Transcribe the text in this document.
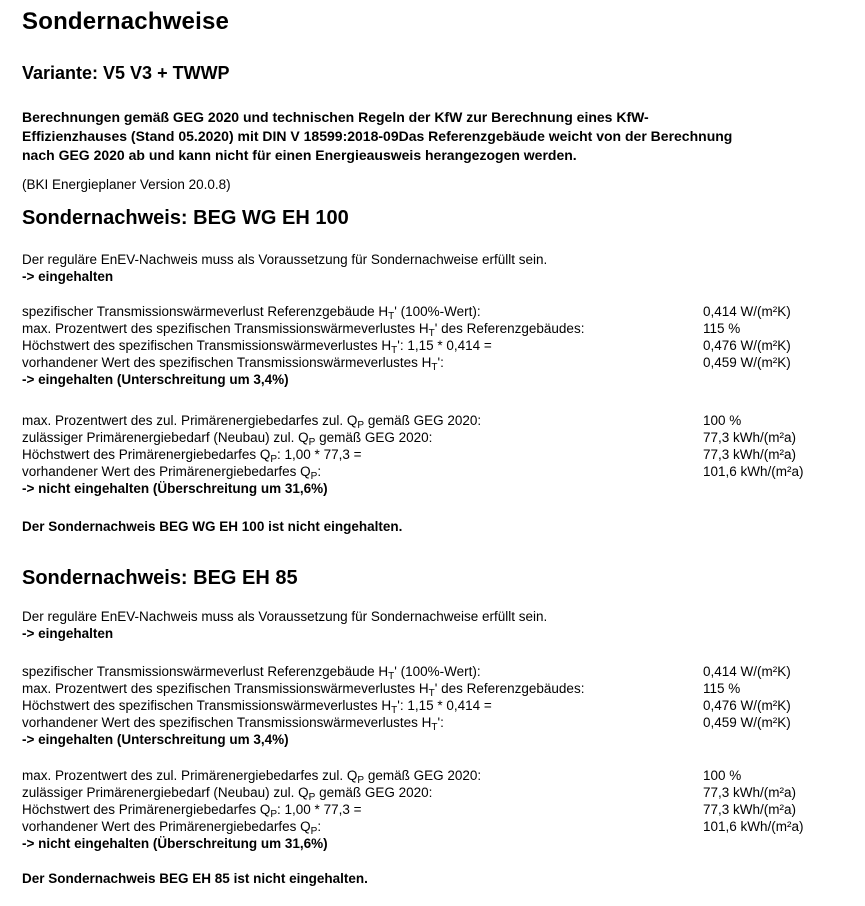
Sondernachweise
Variante: V5 V3 + TWWP
Berechnungen gemäß GEG 2020 und technischen Regeln der KfW zur Berechnung eines KfW-
Effizienzhauses (Stand 05.2020) mit DIN V 18599:2018-09Das Referenzgebäude weicht von der Berechnung
nach GEG 2020 ab und kann nicht für einen Energieausweis herangezogen werden.
(BKI Energieplaner Version 20.0.8)
Sondernachweis: BEG WG EH 100
Der reguläre EnEV-Nachweis muss als Voraussetzung für Sondernachweise erfüllt sein.
-> eingehalten
spezifischer Transmissionswärmeverlust Referenzgebäude $H_T'$ (100%-Wert):	0,414 W/(m²K)
max. Prozentwert des spezifischen Transmissionswärmeverlustes $H_T'$ des Referenzgebäudes:	115 %
Höchstwert des spezifischen Transmissionswärmeverlustes $H_T'$: 1,15 * 0,414 =	0,476 W/(m²K)
vorhandener Wert des spezifischen Transmissionswärmeverlustes $H_T'$:	0,459 W/(m²K)
-> eingehalten (Unterschreitung um 3,4%)
max. Prozentwert des zul. Primärenergiebedarfes zul. $Q_P$ gemäß GEG 2020:	100 %
zulässiger Primärenergiebedarf (Neubau) zul. $Q_P$ gemäß GEG 2020:	77,3 kWh/(m²a)
Höchstwert des Primärenergiebedarfes $Q_P$: 1,00 * 77,3 =	77,3 kWh/(m²a)
vorhandener Wert des Primärenergiebedarfes $Q_P$:	101,6 kWh/(m²a)
-> nicht eingehalten (Überschreitung um 31,6%)
Der Sondernachweis BEG WG EH 100 ist nicht eingehalten.
Sondernachweis: BEG EH 85
Der reguläre EnEV-Nachweis muss als Voraussetzung für Sondernachweise erfüllt sein.
-> eingehalten
spezifischer Transmissionswärmeverlust Referenzgebäude $H_T'$ (100%-Wert):	0,414 W/(m²K)
max. Prozentwert des spezifischen Transmissionswärmeverlustes $H_T'$ des Referenzgebäudes:	115 %
Höchstwert des spezifischen Transmissionswärmeverlustes $H_T'$: 1,15 * 0,414 =	0,476 W/(m²K)
vorhandener Wert des spezifischen Transmissionswärmeverlustes $H_T'$:	0,459 W/(m²K)
-> eingehalten (Unterschreitung um 3,4%)
max. Prozentwert des zul. Primärenergiebedarfes zul. $Q_P$ gemäß GEG 2020:	100 %
zulässiger Primärenergiebedarf (Neubau) zul. $Q_P$ gemäß GEG 2020:	77,3 kWh/(m²a)
Höchstwert des Primärenergiebedarfes $Q_P$: 1,00 * 77,3 =	77,3 kWh/(m²a)
vorhandener Wert des Primärenergiebedarfes $Q_P$:	101,6 kWh/(m²a)
-> nicht eingehalten (Überschreitung um 31,6%)
Der Sondernachweis BEG EH 85 ist nicht eingehalten.
